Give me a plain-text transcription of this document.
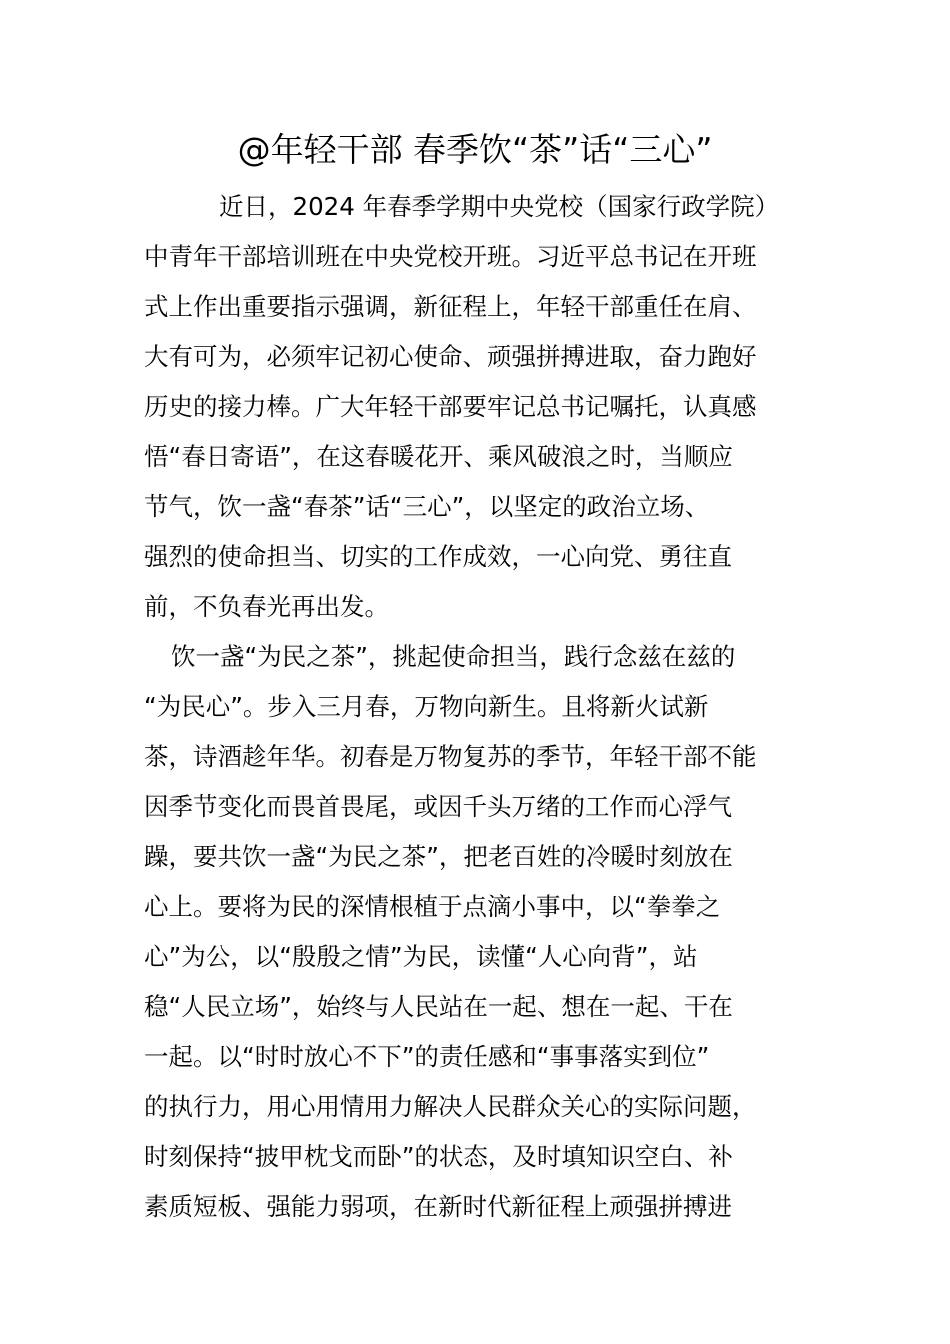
@年轻干部 春季饮“茶”话“三心”
近日，2024 年春季学期中央党校（国家行政学院）
中青年干部培训班在中央党校开班。习近平总书记在开班
式上作出重要指示强调，新征程上，年轻干部重任在肩、
大有可为，必须牢记初心使命、顽强拼搏进取，奋力跑好
历史的接力棒。广大年轻干部要牢记总书记嘱托，认真感
悟“春日寄语”，在这春暖花开、乘风破浪之时，当顺应
节气，饮一盏“春茶”话“三心”，以坚定的政治立场、
强烈的使命担当、切实的工作成效，一心向党、勇往直
前，不负春光再出发。
饮一盏“为民之茶”，挑起使命担当，践行念兹在兹的
“为民心”。步入三月春，万物向新生。且将新火试新
茶，诗酒趁年华。初春是万物复苏的季节，年轻干部不能
因季节变化而畏首畏尾，或因千头万绪的工作而心浮气
躁，要共饮一盏“为民之茶”，把老百姓的冷暖时刻放在
心上。要将为民的深情根植于点滴小事中，以“拳拳之
心”为公，以“殷殷之情”为民，读懂“人心向背”，站
稳“人民立场”，始终与人民站在一起、想在一起、干在
一起。以“时时放心不下”的责任感和“事事落实到位”
的执行力，用心用情用力解决人民群众关心的实际问题，
时刻保持“披甲枕戈而卧”的状态，及时填知识空白、补
素质短板、强能力弱项，在新时代新征程上顽强拼搏进
